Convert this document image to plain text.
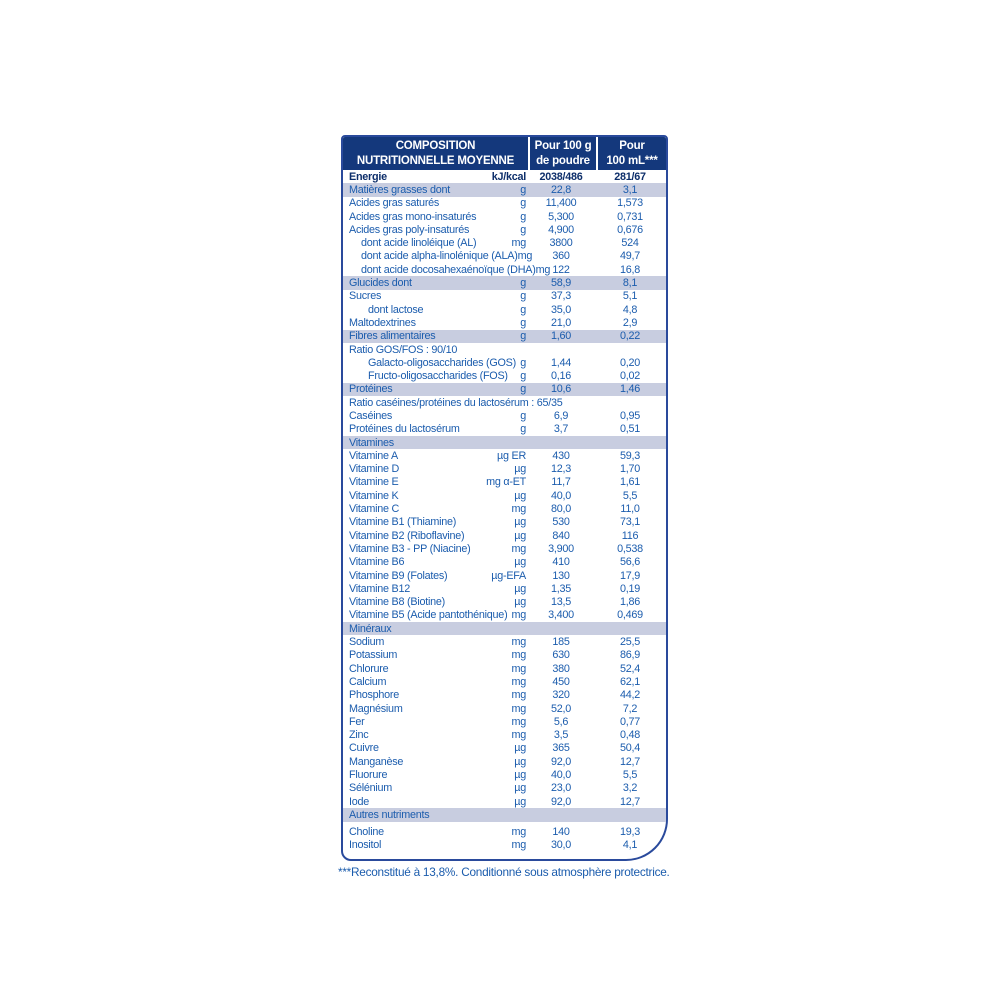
COMPOSITION
NUTRITIONNELLE MOYENNE
Pour 100 g
de poudre
Pour
100 mL***
Energie	kJ/kcal	2038/486	281/67
Matières grasses dont	g	22,8	3,1
Acides gras saturés	g	11,400	1,573
Acides gras mono-insaturés	g	5,300	0,731
Acides gras poly-insaturés	g	4,900	0,676
dont acide linoléique (AL)	mg	3800	524
dont acide alpha-linolénique (ALA) mg	360	49,7
dont acide docosahexaénoïque (DHA) mg 122	16,8
Glucides dont	g	58,9	8,1
Sucres	g	37,3	5,1
dont lactose	g	35,0	4,8
Maltodextrines	g	21,0	2,9
Fibres alimentaires	g	1,60	0,22
Ratio GOS/FOS : 90/10
Galacto-oligosaccharides (GOS) g	1,44	0,20
Fructo-oligosaccharides (FOS) g	0,16	0,02
Protéines	g	10,6	1,46
Ratio caséines/protéines du lactosérum : 65/35
Caséines	g	6,9	0,95
Protéines du lactosérum	g	3,7	0,51
Vitamines
Vitamine A	µg ER	430	59,3
Vitamine D	µg	12,3	1,70
Vitamine E	mg α-ET	11,7	1,61
Vitamine K	µg	40,0	5,5
Vitamine C	mg	80,0	11,0
Vitamine B1 (Thiamine)	µg	530	73,1
Vitamine B2 (Riboflavine)	µg	840	116
Vitamine B3 - PP (Niacine)	mg	3,900	0,538
Vitamine B6	µg	410	56,6
Vitamine B9 (Folates)	µg-EFA	130	17,9
Vitamine B12	µg	1,35	0,19
Vitamine B8 (Biotine)	µg	13,5	1,86
Vitamine B5 (Acide pantothénique) mg	3,400	0,469
Minéraux
Sodium	mg	185	25,5
Potassium	mg	630	86,9
Chlorure	mg	380	52,4
Calcium	mg	450	62,1
Phosphore	mg	320	44,2
Magnésium	mg	52,0	7,2
Fer	mg	5,6	0,77
Zinc	mg	3,5	0,48
Cuivre	µg	365	50,4
Manganèse	µg	92,0	12,7
Fluorure	µg	40,0	5,5
Sélénium	µg	23,0	3,2
Iode	µg	92,0	12,7
Autres nutriments
Choline	mg	140	19,3
Inositol	mg	30,0	4,1
***Reconstitué à 13,8%. Conditionné sous atmosphère protectrice.
